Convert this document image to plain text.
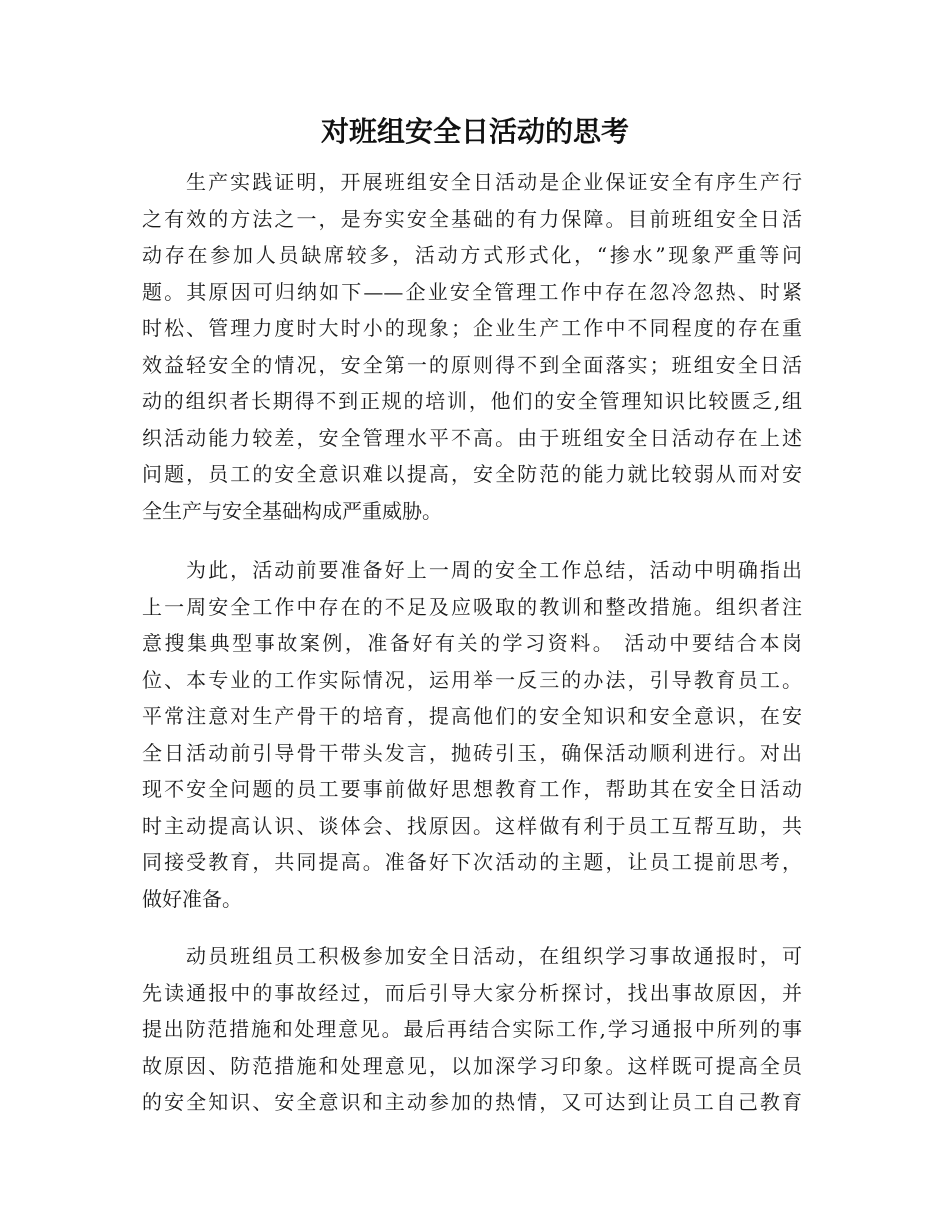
对班组安全日活动的思考
生产实践证明，开展班组安全日活动是企业保证安全有序生产行
之有效的方法之一，是夯实安全基础的有力保障。目前班组安全日活
动存在参加人员缺席较多，活动方式形式化，“掺水”现象严重等问
题。其原因可归纳如下——企业安全管理工作中存在忽冷忽热、时紧
时松、管理力度时大时小的现象；企业生产工作中不同程度的存在重
效益轻安全的情况，安全第一的原则得不到全面落实；班组安全日活
动的组织者长期得不到正规的培训，他们的安全管理知识比较匮乏,组
织活动能力较差，安全管理水平不高。由于班组安全日活动存在上述
问题，员工的安全意识难以提高，安全防范的能力就比较弱从而对安
全生产与安全基础构成严重威胁。
为此，活动前要准备好上一周的安全工作总结，活动中明确指出
上一周安全工作中存在的不足及应吸取的教训和整改措施。组织者注
意搜集典型事故案例，准备好有关的学习资料。 活动中要结合本岗
位、本专业的工作实际情况，运用举一反三的办法，引导教育员工。
平常注意对生产骨干的培育，提高他们的安全知识和安全意识，在安
全日活动前引导骨干带头发言，抛砖引玉，确保活动顺利进行。对出
现不安全问题的员工要事前做好思想教育工作，帮助其在安全日活动
时主动提高认识、谈体会、找原因。这样做有利于员工互帮互助，共
同接受教育，共同提高。准备好下次活动的主题，让员工提前思考，
做好准备。
动员班组员工积极参加安全日活动，在组织学习事故通报时，可
先读通报中的事故经过，而后引导大家分析探讨，找出事故原因，并
提出防范措施和处理意见。最后再结合实际工作,学习通报中所列的事
故原因、防范措施和处理意见，以加深学习印象。这样既可提高全员
的安全知识、安全意识和主动参加的热情，又可达到让员工自己教育
